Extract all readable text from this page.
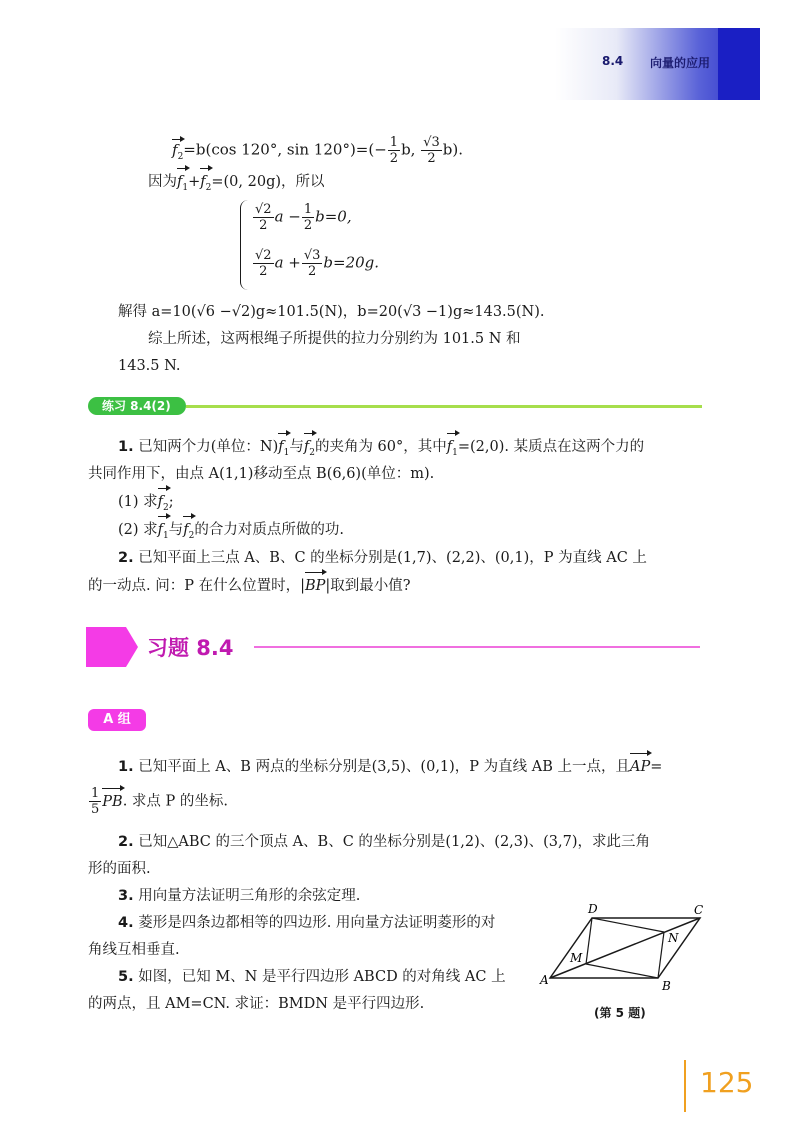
8.4 向量的应用
$f_2=b(\cos$ 120°, $\sin 120^\circ)=(- \frac{1}{2} b$, $\frac{√3}{2} b$).
因为$f_1+f_2=(0$, 20g)，所以
$\frac{√2}{2}$ $a - \frac{1}{2} b=0$,
$\frac{√2}{2}$ $a + \frac{√3}{2} b=20g$.
解得 a=10(√6 −√2)g≈101.5(N)，b=20(√3 −1)g≈143.5(N).
综上所述，这两根绳子所提供的拉力分别约为 101.5 N 和
143.5 N.
练习 8.4(2)
1. 已知两个力(单位：$N)f_1$与$f_2$的夹角为 60°，其中$f_1=(2,0)$. 某质点在这两个力的
共同作用下，由点 A(1,1)移动至点 B(6,6)(单位：m).
(1) 求$f_2$;
(2) 求$f_1$与$f_2$的合力对质点所做的功.
2. 已知平面上三点 A、B、C 的坐标分别是(1,7)、(2,2)、(0,1)，P 为直线 AC 上
的一动点. 问：P 在什么位置时，|BP|取到最小值?
习题 8.4
A 组
1. 已知平面上 A、B 两点的坐标分别是(3,5)、(0,1)，P 为直线 AB 上一点，且AP=
$\frac{1}{5}$ PB. 求点 P 的坐标.
2. 已知△ABC 的三个顶点 A、B、C 的坐标分别是(1,2)、(2,3)、(3,7)，求此三角
形的面积.
3. 用向量方法证明三角形的余弦定理.
4. 菱形是四条边都相等的四边形. 用向量方法证明菱形的对
角线互相垂直.
5. 如图，已知 M、N 是平行四边形 ABCD 的对角线 AC 上
的两点，且 AM=CN. 求证：BMDN 是平行四边形.
A	B
C
D
M
N
(第 5 题)
125
